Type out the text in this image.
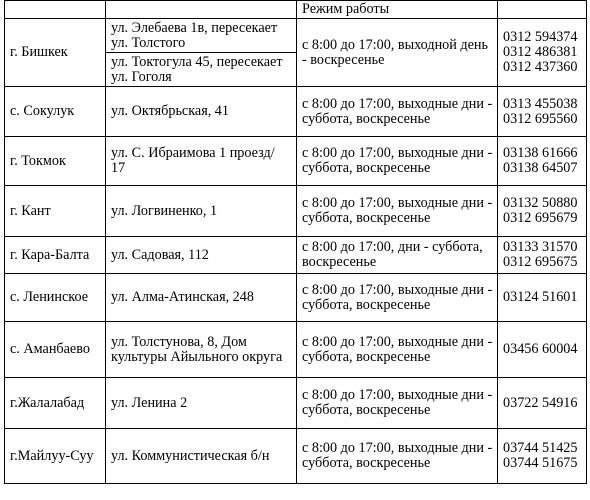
		Режим работы	
г. Бишкек	ул. Элебаева 1в, пересекает ул. Толстого	с 8:00 до 17:00, выходной день - воскресенье	0312 594374
0312 486381
0312 437360

	ул. Токтогула 45, пересекает ул. Гоголя		
с. Сокулук	ул. Октябрьская, 41	с 8:00 до 17:00, выходные дни - суббота, воскресенье	0313 455038
0312 695560

г. Токмок	ул. С. Ибраимова 1 проезд/ 17	с 8:00 до 17:00, выходные дни - суббота, воскресенье	03138 61666
03138 64507

г. Кант	ул. Логвиненко, 1	с 8:00 до 17:00, выходные дни - суббота, воскресенье	03132 50880
0312 695679

г. Кара-Балта	ул. Садовая, 112	с 8:00 до 17:00, дни - суббота, воскресенье	03133 31570
0312 695675

с. Ленинское	ул. Алма-Атинская, 248	с 8:00 до 17:00, выходные дни - суббота, воскресенье	03124 51601

с. Аманбаево	ул. Толстунова, 8, Дом культуры Айыльного округа	с 8:00 до 17:00, выходные дни - суббота, воскресенье	03456 60004

г.Жалалабад	ул. Ленина 2	с 8:00 до 17:00, выходные дни - суббота, воскресенье	03722 54916

г.Майлуу-Суу	ул. Коммунистическая б/н	с 8:00 до 17:00, выходные дни - суббота, воскресенье	03744 51425
03744 51675
